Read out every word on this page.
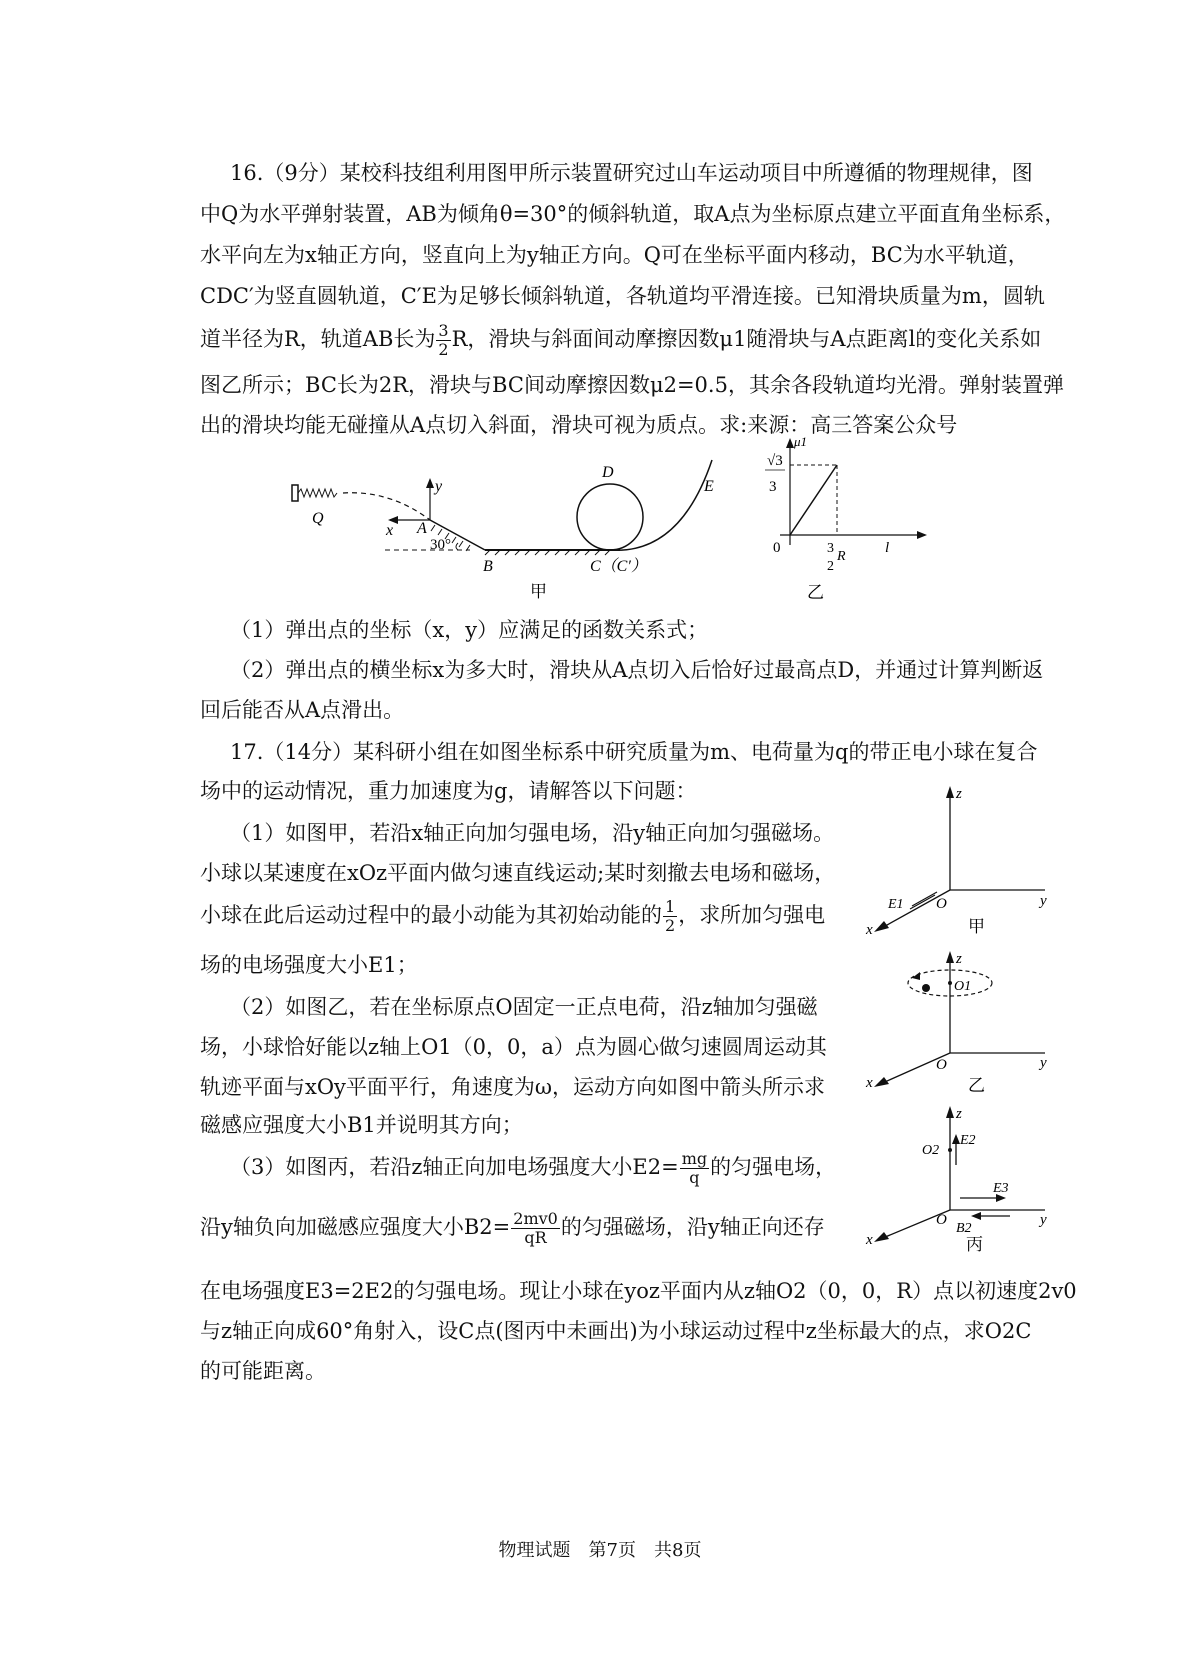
16.（9分）某校科技组利用图甲所示装置研究过山车运动项目中所遵循的物理规律，图
中Q为水平弹射装置，AB为倾角θ=30°的倾斜轨道，取A点为坐标原点建立平面直角坐标系，
水平向左为x轴正方向，竖直向上为y轴正方向。Q可在坐标平面内移动，BC为水平轨道，
CDC′为竖直圆轨道，C′E为足够长倾斜轨道，各轨道均平滑连接。已知滑块质量为m，圆轨
道半径为R，轨道AB长为 $\frac{3}{2}$ R，滑块与斜面间动摩擦因数μ1随滑块与A点距离l的变化关系如
图乙所示；BC长为2R，滑块与BC间动摩擦因数μ2=0.5，其余各段轨道均光滑。弹射装置弹
出的滑块均能无碰撞从A点切入斜面，滑块可视为质点。求:来源：高三答案公众号
Q
x
y
A
30°
B	C（C′）
D
E
甲
μ1
√3
3
0	3
R
2
l
乙
（1）弹出点的坐标（x，y）应满足的函数关系式；
（2）弹出点的横坐标x为多大时，滑块从A点切入后恰好过最高点D，并通过计算判断返
回后能否从A点滑出。
17.（14分）某科研小组在如图坐标系中研究质量为m、电荷量为q的带正电小球在复合
场中的运动情况，重力加速度为g，请解答以下问题：
（1）如图甲，若沿x轴正向加匀强电场，沿y轴正向加匀强磁场。
小球以某速度在xOz平面内做匀速直线运动;某时刻撤去电场和磁场，
小球在此后运动过程中的最小动能为其初始动能的 $\frac{1}{2}$ ，求所加匀强电
场的电场强度大小E1；
（2）如图乙，若在坐标原点O固定一正点电荷，沿z轴加匀强磁
场，小球恰好能以z轴上O1（0，0，a）点为圆心做匀速圆周运动其
轨迹平面与xOy平面平行，角速度为ω，运动方向如图中箭头所示求
磁感应强度大小B1并说明其方向；
（3）如图丙，若沿z轴正向加电场强度大小$E2= \frac{mg}{q}$ 的匀强电场，
沿y轴负向加磁感应强度大小$B2= \frac{2mv0}{qR}$ 的匀强磁场，沿y轴正向还存
在电场强度E3=2E2的匀强电场。现让小球在yoz平面内从z轴O2（0，0，R）点以初速度2v0
与z轴正向成60°角射入，设C点(图丙中未画出)为小球运动过程中z坐标最大的点，求O2C
的可能距离。
z
y
x
O
E1
甲
z
y
x
O
O1
乙
z
y
x
O
O2
E2
E3
B2
丙
物理试题　第7页　共8页
